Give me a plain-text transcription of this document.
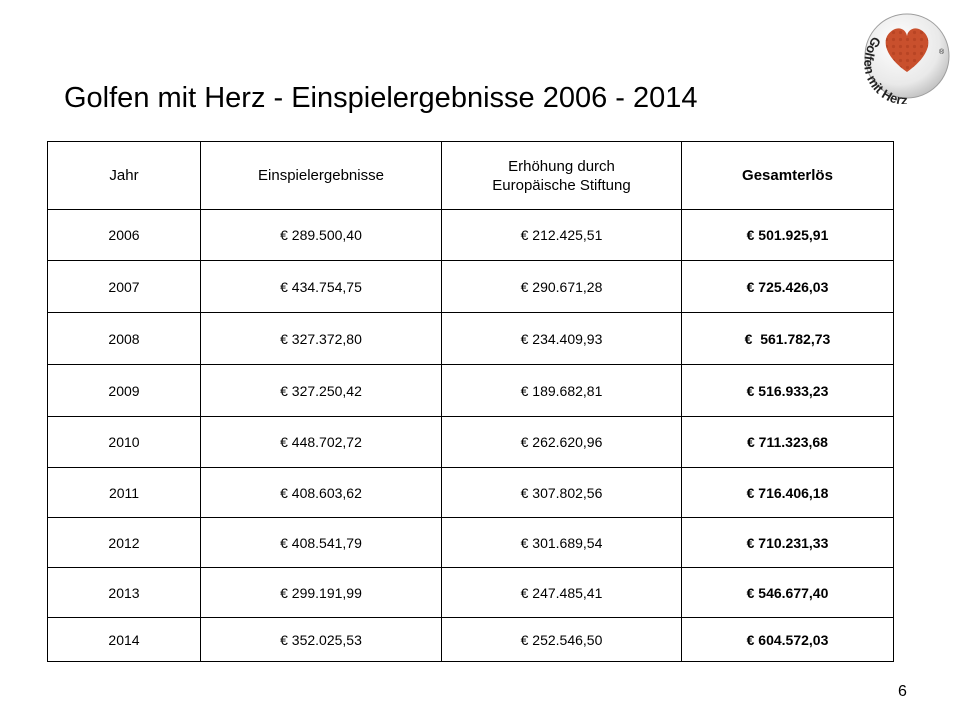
Golfen mit Herz
®
Golfen mit Herz - Einspielergebnisse 2006 - 2014
Jahr	Einspielergebnisse	Erhöhung durch Europäische Stiftung	Gesamterlös
2006	€ 289.500,40	€ 212.425,51	€ 501.925,91
2007	€ 434.754,75	€ 290.671,28	€ 725.426,03
2008	€ 327.372,80	€ 234.409,93	€  561.782,73
2009	€ 327.250,42	€ 189.682,81	€ 516.933,23
2010	€ 448.702,72	€ 262.620,96	€ 711.323,68
2011	€ 408.603,62	€ 307.802,56	€ 716.406,18
2012	€ 408.541,79	€ 301.689,54	€ 710.231,33
2013	€ 299.191,99	€ 247.485,41	€ 546.677,40
2014	€ 352.025,53	€ 252.546,50	€ 604.572,03
6
